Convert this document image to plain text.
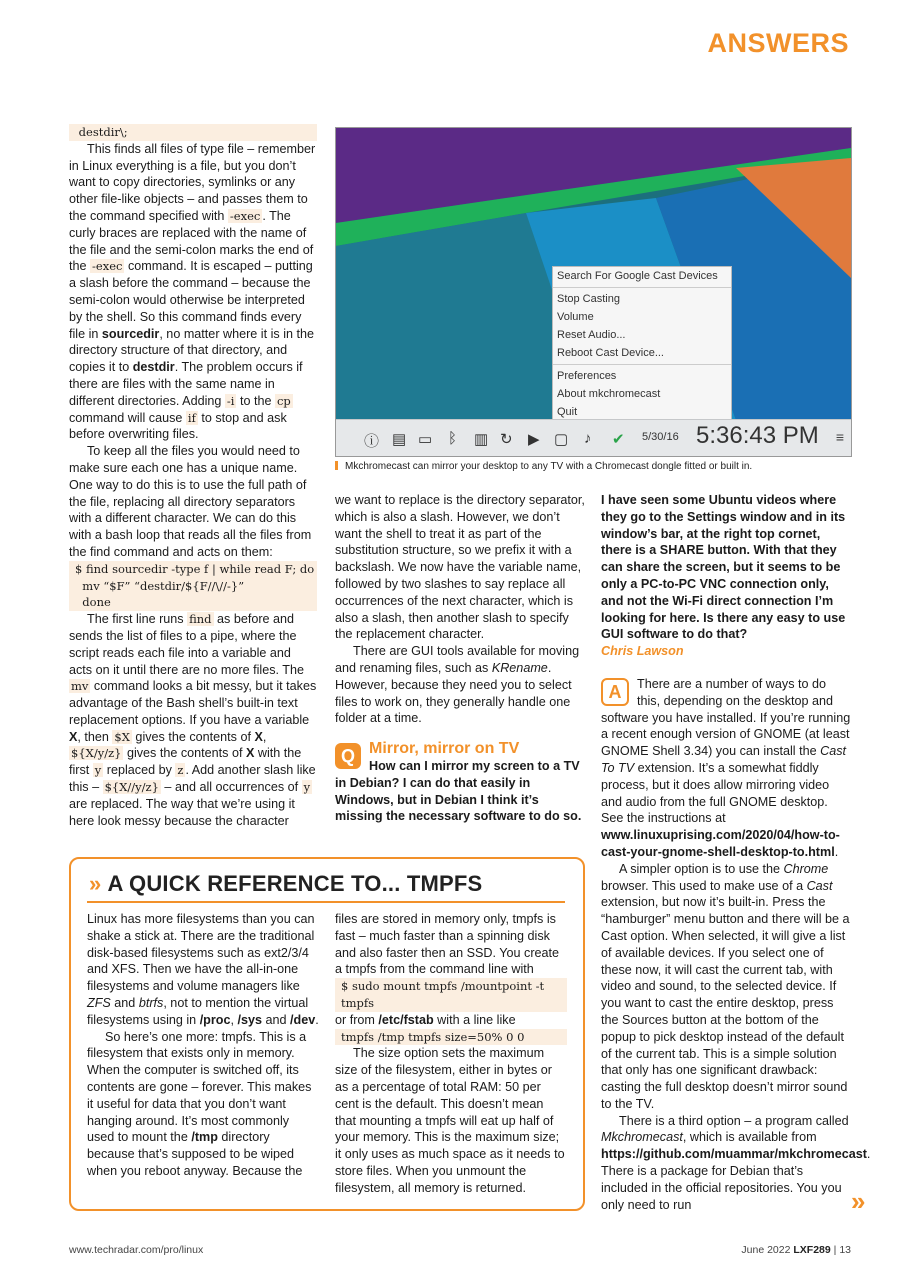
ANSWERS
destdir\;

This finds all files of type file – remember in Linux everything is a file, but you don’t want to copy directories, symlinks or any other file-like objects – and passes them to the command specified with -exec . The curly braces are replaced with the name of the file and the semi-colon marks the end of the -exec command. It is escaped – putting a slash before the command – because the semi-colon would otherwise be interpreted by the shell. So this command finds every file in sourcedir, no matter where it is in the directory structure of that directory, and copies it to destdir. The problem occurs if there are files with the same name in different directories. Adding -i to the cp command will cause if to stop and ask before overwriting files.

To keep all the files you would need to make sure each one has a unique name. One way to do this is to use the full path of the file, replacing all directory separators with a different character. We can do this with a bash loop that reads all the files from the find command and acts on them:

$ find sourcedir -type f | while read F; do
mv “$F” “destdir/${F//\//-}”
done

The first line runs find as before and sends the list of files to a pipe, where the script reads each file into a variable and acts on it until there are no more files. The mv command looks a bit messy, but it takes advantage of the Bash shell’s built-in text replacement options. If you have a variable X, then $X gives the contents of X, ${X/y/z} gives the contents of X with the first y replaced by z . Add another slash like this – ${X//y/z} – and all occurrences of y are replaced. The way that we’re using it here look messy because the character

Search For Google Cast Devices
Stop Casting
Volume
Reset Audio...
Reboot Cast Device...
Preferences
About mkchromecast
Quit
ⓘ ▤ ▭ ᛒ ▥ ↻ ▶ ▢ ♪ ✔ 5/30/16 5:36:43 PM ≡
Mkchromecast can mirror your desktop to any TV with a Chromecast dongle fitted or built in.

we want to replace is the directory separator, which is also a slash. However, we don’t want the shell to treat it as part of the substitution structure, so we prefix it with a backslash. We now have the variable name, followed by two slashes to say replace all occurrences of the next character, which is also a slash, then another slash to specify the replacement character.

There are GUI tools available for moving and renaming files, such as KRename. However, because they need you to select files to work on, they generally handle one folder at a time.

Q Mirror, mirror on TV
How can I mirror my screen to a TV in Debian? I can do that easily in Windows, but in Debian I think it’s missing the necessary software to do so.
I have seen some Ubuntu videos where they go to the Settings window and in its window’s bar, at the right top cornet, there is a SHARE button. With that they can share the screen, but it seems to be only a PC-to-PC VNC connection only, and not the Wi-Fi direct connection I’m looking for here. Is there any easy to use GUI software to do that?
Chris Lawson
A	There are a number of ways to do this, depending on the desktop and software you have installed. If you’re running a recent enough version of GNOME (at least GNOME Shell 3.34) you can install the Cast To TV extension. It’s a somewhat fiddly process, but it does allow mirroring video and audio from the full GNOME desktop. See the instructions at www.linuxuprising.com/2020/04/how-to-cast-your-gnome-shell-desktop-to.html.

A simpler option is to use the Chrome browser. This used to make use of a Cast extension, but now it’s built-in. Press the “hamburger” menu button and there will be a Cast option. When selected, it will give a list of available devices. If you select one of these now, it will cast the current tab, with video and sound, to the selected device. If you want to cast the entire desktop, press the Sources button at the bottom of the popup to pick desktop instead of the default of the current tab. This is a simple solution that only has one significant drawback: casting the full desktop doesn’t mirror sound to the TV.

There is a third option – a program called Mkchromecast, which is available from https://github.com/muammar/mkchromecast. There is a package for Debian that’s included in the official repositories. You you only need to run

» A QUICK REFERENCE TO... TMPFS

Linux has more filesystems than you can shake a stick at. There are the traditional disk-based filesystems such as ext2/3/4 and XFS. Then we have the all-in-one filesystems and volume managers like ZFS and btrfs, not to mention the virtual filesystems using in /proc, /sys and /dev.

So here’s one more: tmpfs. This is a filesystem that exists only in memory. When the computer is switched off, its contents are gone – forever. This makes it useful for data that you don’t want hanging around. It’s most commonly used to mount the /tmp directory because that’s supposed to be wiped when you reboot anyway. Because the

files are stored in memory only, tmpfs is fast – much faster than a spinning disk and also faster then an SSD. You create a tmpfs from the command line with

$ sudo mount tmpfs /mountpoint -t
tmpfs

or from /etc/fstab with a line like

tmpfs /tmp tmpfs size=50% 0 0

The size option sets the maximum size of the filesystem, either in bytes or as a percentage of total RAM: 50 per cent is the default. This doesn’t mean that mounting a tmpfs will eat up half of your memory. This is the maximum size; it only uses as much space as it needs to store files. When you unmount the filesystem, all memory is returned.	»
www.techradar.com/pro/linux	June 2022 LXF289 | 13
